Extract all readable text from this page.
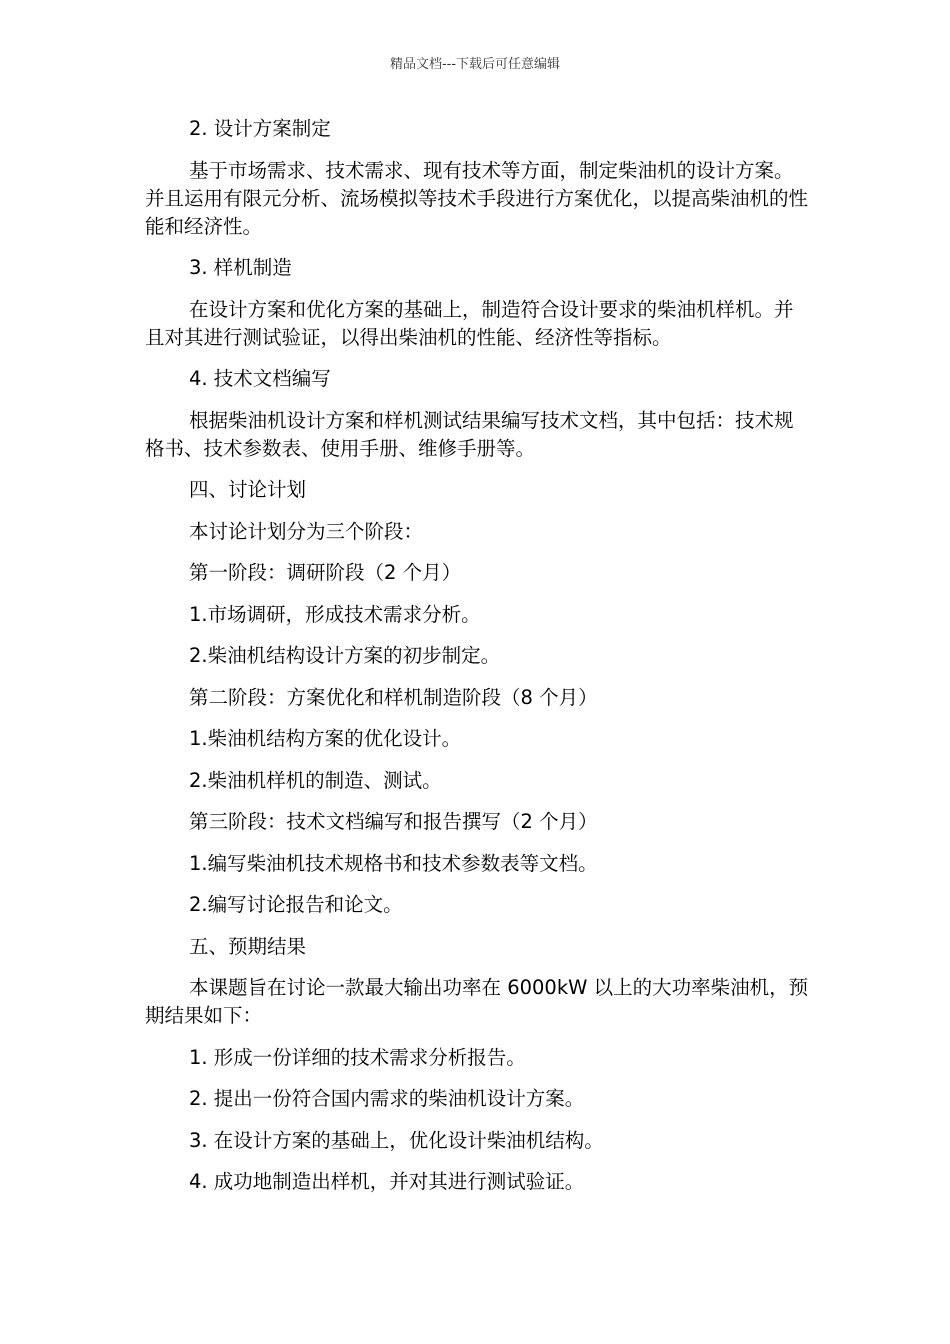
精品文档---下载后可任意编辑

2. 设计方案制定

基于市场需求、技术需求、现有技术等方面，制定柴油机的设计方案。并且运用有限元分析、流场模拟等技术手段进行方案优化，以提高柴油机的性能和经济性。

3. 样机制造

在设计方案和优化方案的基础上，制造符合设计要求的柴油机样机。并且对其进行测试验证，以得出柴油机的性能、经济性等指标。

4. 技术文档编写

根据柴油机设计方案和样机测试结果编写技术文档，其中包括：技术规格书、技术参数表、使用手册、维修手册等。

四、讨论计划

本讨论计划分为三个阶段：

第一阶段：调研阶段（2 个月）

1.市场调研，形成技术需求分析。

2.柴油机结构设计方案的初步制定。

第二阶段：方案优化和样机制造阶段（8 个月）

1.柴油机结构方案的优化设计。

2.柴油机样机的制造、测试。

第三阶段：技术文档编写和报告撰写（2 个月）

1.编写柴油机技术规格书和技术参数表等文档。

2.编写讨论报告和论文。

五、预期结果

本课题旨在讨论一款最大输出功率在 6000kW 以上的大功率柴油机，预期结果如下：

1. 形成一份详细的技术需求分析报告。

2. 提出一份符合国内需求的柴油机设计方案。

3. 在设计方案的基础上，优化设计柴油机结构。

4. 成功地制造出样机，并对其进行测试验证。
